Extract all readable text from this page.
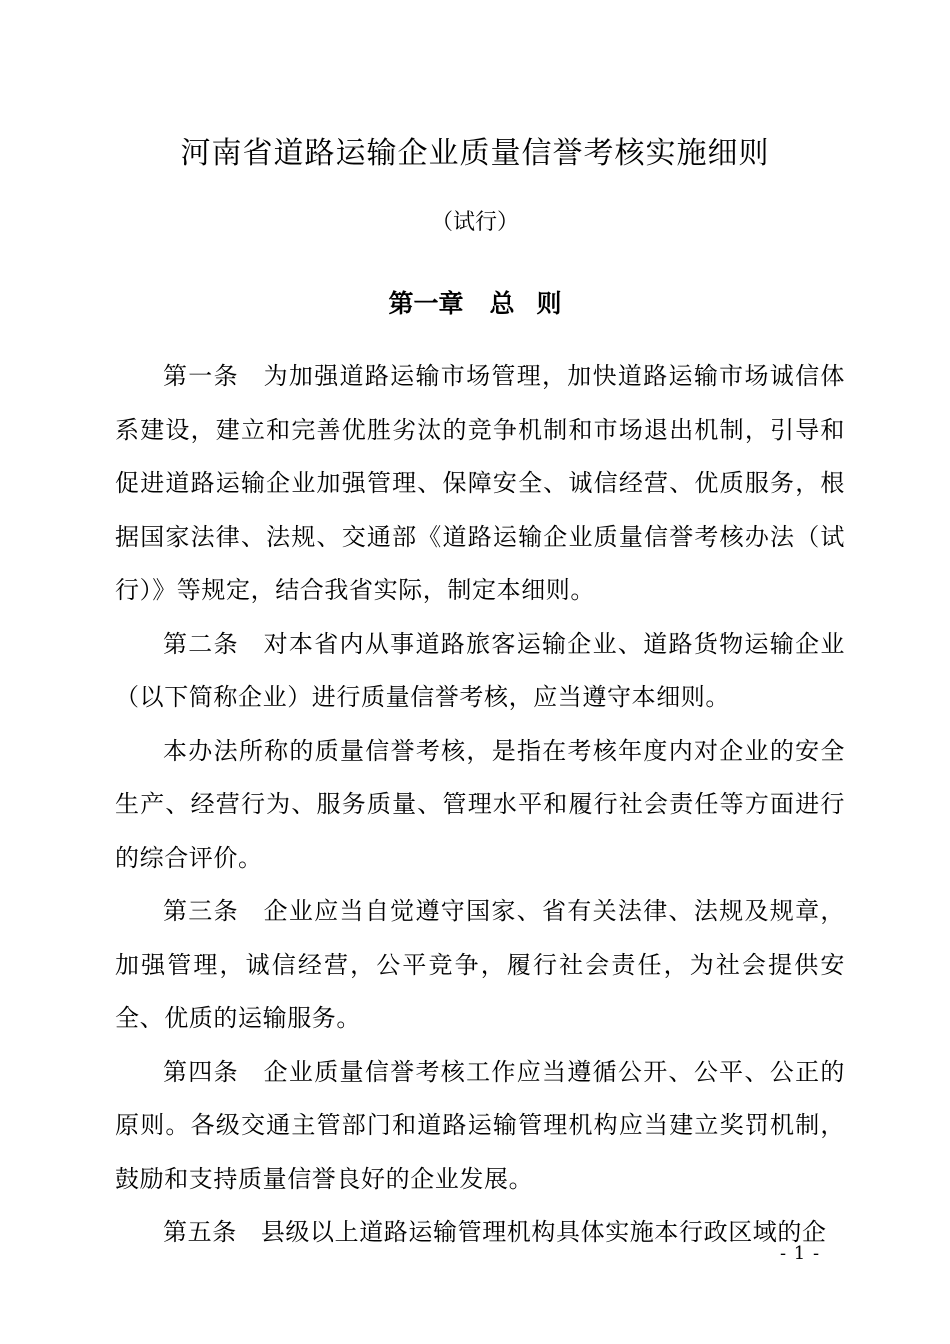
河南省道路运输企业质量信誉考核实施细则
（试行）
第一章 总 则

第一条 为加强道路运输市场管理，加快道路运输市场诚信体系建设，建立和完善优胜劣汰的竞争机制和市场退出机制，引导和促进道路运输企业加强管理、保障安全、诚信经营、优质服务，根据国家法律、法规、交通部《道路运输企业质量信誉考核办法（试行）》等规定，结合我省实际，制定本细则。

第二条 对本省内从事道路旅客运输企业、道路货物运输企业（以下简称企业）进行质量信誉考核，应当遵守本细则。

本办法所称的质量信誉考核，是指在考核年度内对企业的安全生产、经营行为、服务质量、管理水平和履行社会责任等方面进行的综合评价。

第三条 企业应当自觉遵守国家、省有关法律、法规及规章，加强管理，诚信经营，公平竞争，履行社会责任，为社会提供安全、优质的运输服务。

第四条 企业质量信誉考核工作应当遵循公开、公平、公正的原则。各级交通主管部门和道路运输管理机构应当建立奖罚机制，鼓励和支持质量信誉良好的企业发展。

第五条 县级以上道路运输管理机构具体实施本行政区域的企

- 1 -
